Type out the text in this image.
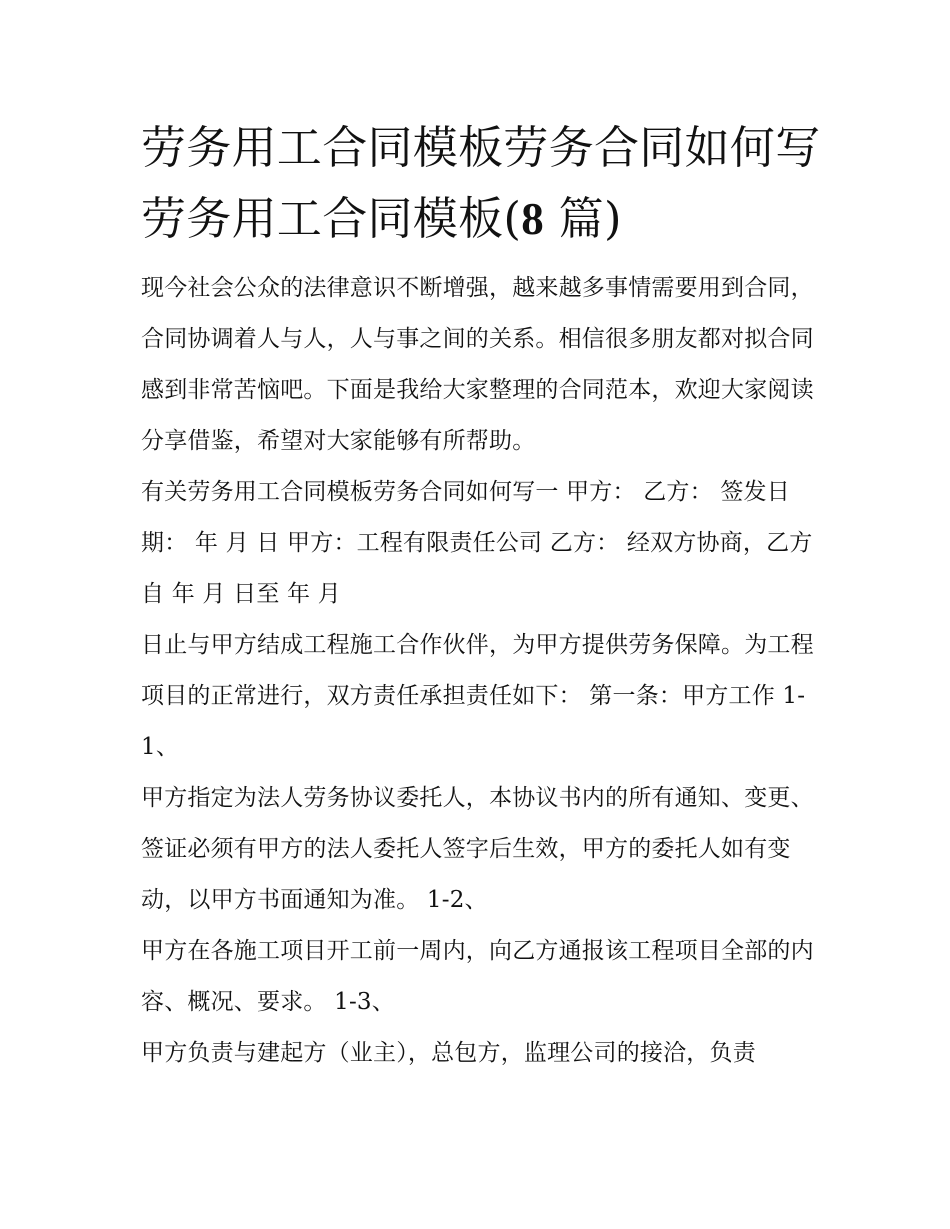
劳务用工合同模板劳务合同如何写 劳务用工合同模板(8 篇)

现今社会公众的法律意识不断增强，越来越多事情需要用到合同，合同协调着人与人，人与事之间的关系。相信很多朋友都对拟合同感到非常苦恼吧。下面是我给大家整理的合同范本，欢迎大家阅读分享借鉴，希望对大家能够有所帮助。

有关劳务用工合同模板劳务合同如何写一 甲方： 乙方： 签发日期： 年 月 日 甲方：工程有限责任公司 乙方： 经双方协商，乙方自 年 月 日至 年 月

日止与甲方结成工程施工合作伙伴，为甲方提供劳务保障。为工程项目的正常进行，双方责任承担责任如下： 第一条：甲方工作 1-1、

甲方指定为法人劳务协议委托人，本协议书内的所有通知、变更、签证必须有甲方的法人委托人签字后生效，甲方的委托人如有变动，以甲方书面通知为准。 1-2、

甲方在各施工项目开工前一周内，向乙方通报该工程项目全部的内容、概况、要求。 1-3、

甲方负责与建起方（业主），总包方，监理公司的接洽，负责
